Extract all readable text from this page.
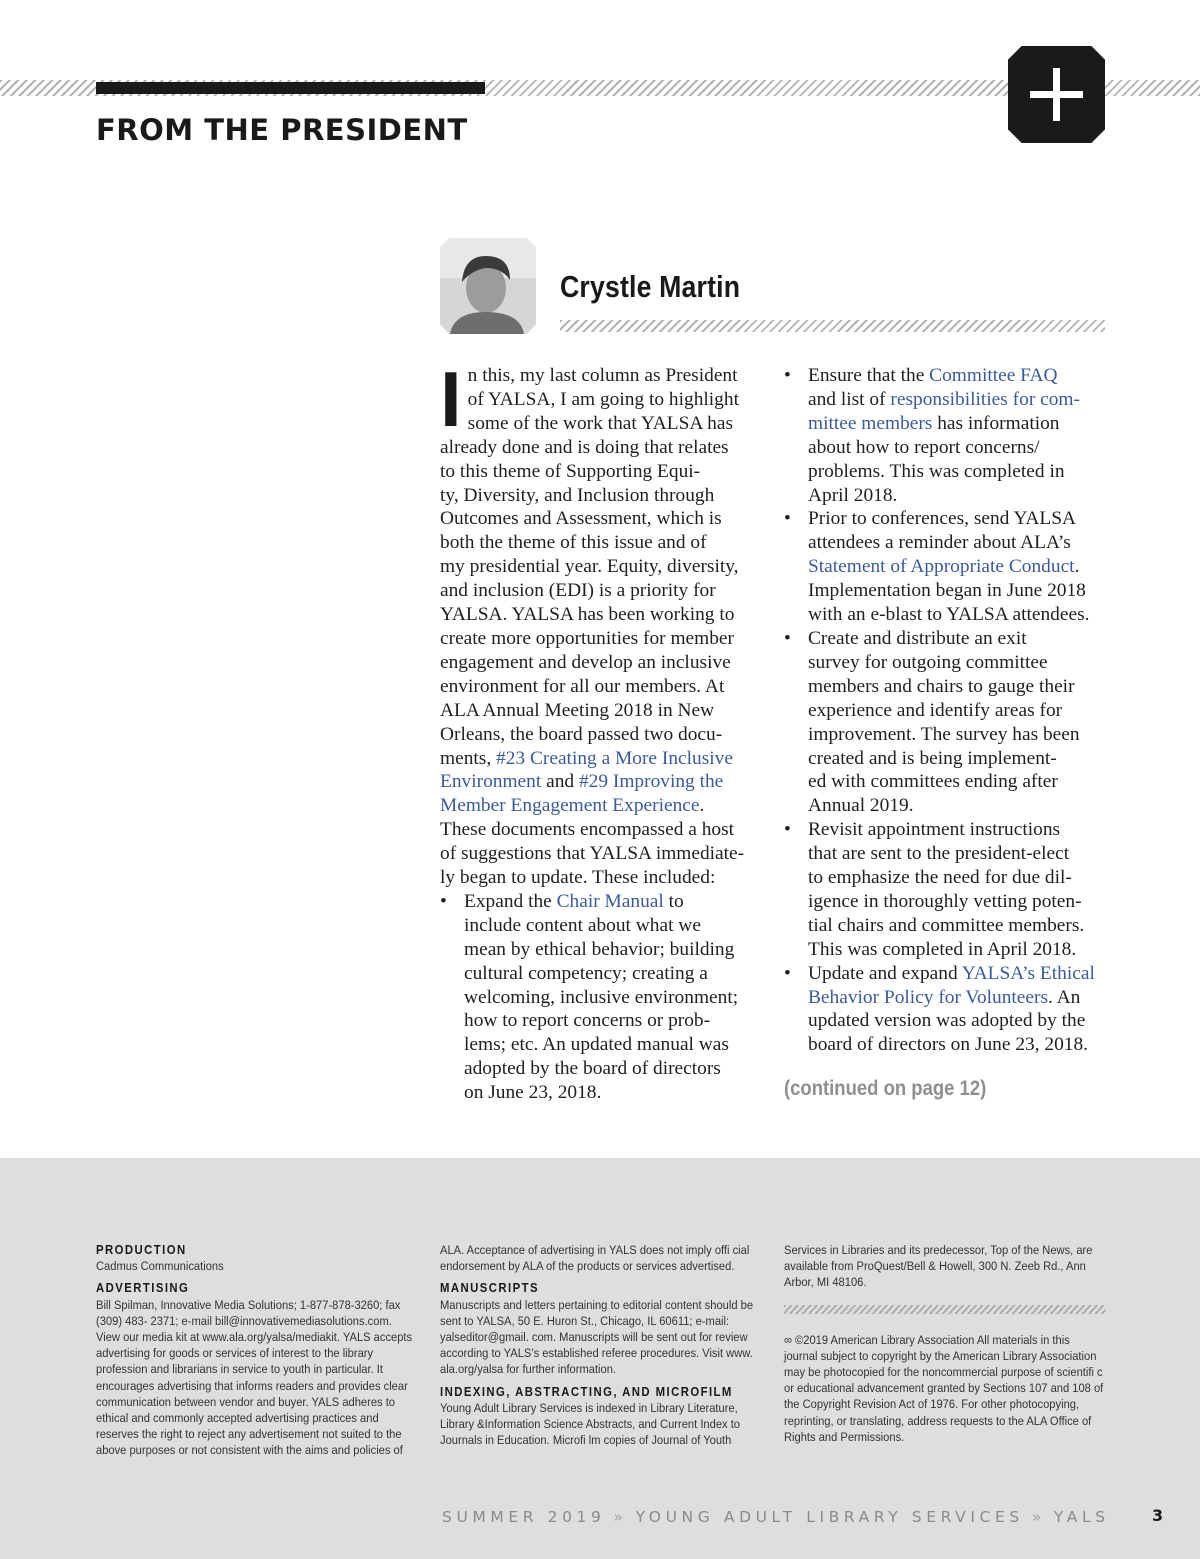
FROM THE PRESIDENT
Crystle Martin
I n this, my last column as President
of YALSA, I am going to highlight
some of the work that YALSA has
already done and is doing that relates
to this theme of Supporting Equi-
ty, Diversity, and Inclusion through
Outcomes and Assessment, which is
both the theme of this issue and of
my presidential year. Equity, diversity,
and inclusion (EDI) is a priority for
YALSA. YALSA has been working to
create more opportunities for member
engagement and develop an inclusive
environment for all our members. At
ALA Annual Meeting 2018 in New
Orleans, the board passed two docu-
ments, #23 Creating a More Inclusive
Environment and #29 Improving the
Member Engagement Experience.
These documents encompassed a host
of suggestions that YALSA immediate-
ly began to update. These included:
• Expand the Chair Manual to
include content about what we
mean by ethical behavior; building
cultural competency; creating a
welcoming, inclusive environment;
how to report concerns or prob-
lems; etc. An updated manual was
adopted by the board of directors
on June 23, 2018.
• Ensure that the Committee FAQ
and list of responsibilities for com-
mittee members has information
about how to report concerns/
problems. This was completed in
April 2018.
• Prior to conferences, send YALSA
attendees a reminder about ALA’s
Statement of Appropriate Conduct.
Implementation began in June 2018
with an e-blast to YALSA attendees.
• Create and distribute an exit
survey for outgoing committee
members and chairs to gauge their
experience and identify areas for
improvement. The survey has been
created and is being implement-
ed with committees ending after
Annual 2019.
• Revisit appointment instructions
that are sent to the president-elect
to emphasize the need for due dil-
igence in thoroughly vetting poten-
tial chairs and committee members.
This was completed in April 2018.
• Update and expand YALSA’s Ethical
Behavior Policy for Volunteers. An
updated version was adopted by the
board of directors on June 23, 2018.
(continued on page 12)
PRODUCTION
Cadmus Communications
ADVERTISING
Bill Spilman, Innovative Media Solutions; 1-877-878-3260; fax (309) 483- 2371; e-mail bill@innovativemediasolutions.com. View our media kit at www.ala.org/yalsa/mediakit. YALS accepts advertising for goods or services of interest to the library profession and librarians in service to youth in particular. It encourages advertising that informs readers and provides clear communication between vendor and buyer. YALS adheres to ethical and commonly accepted advertising practices and reserves the right to reject any advertisement not suited to the above purposes or not consistent with the aims and policies of
ALA. Acceptance of advertising in YALS does not imply offi cial endorsement by ALA of the products or services advertised.
MANUSCRIPTS
Manuscripts and letters pertaining to editorial content should be sent to YALSA, 50 E. Huron St., Chicago, IL 60611; e-mail: yalseditor@gmail. com. Manuscripts will be sent out for review according to YALS’s established referee procedures. Visit www. ala.org/yalsa for further information.
INDEXING, ABSTRACTING, AND MICROFILM
Young Adult Library Services is indexed in Library Literature, Library &Information Science Abstracts, and Current Index to Journals in Education. Microfi lm copies of Journal of Youth
Services in Libraries and its predecessor, Top of the News, are available from ProQuest/Bell & Howell, 300 N. Zeeb Rd., Ann Arbor, MI 48106.
∞ ©2019 American Library Association All materials in this journal subject to copyright by the American Library Association may be photocopied for the noncommercial purpose of scientifi c or educational advancement granted by Sections 107 and 108 of the Copyright Revision Act of 1976. For other photocopying, reprinting, or translating, address requests to the ALA Office of Rights and Permissions.
SUMMER 2019 » YOUNG ADULT LIBRARY SERVICES » YALS	3
